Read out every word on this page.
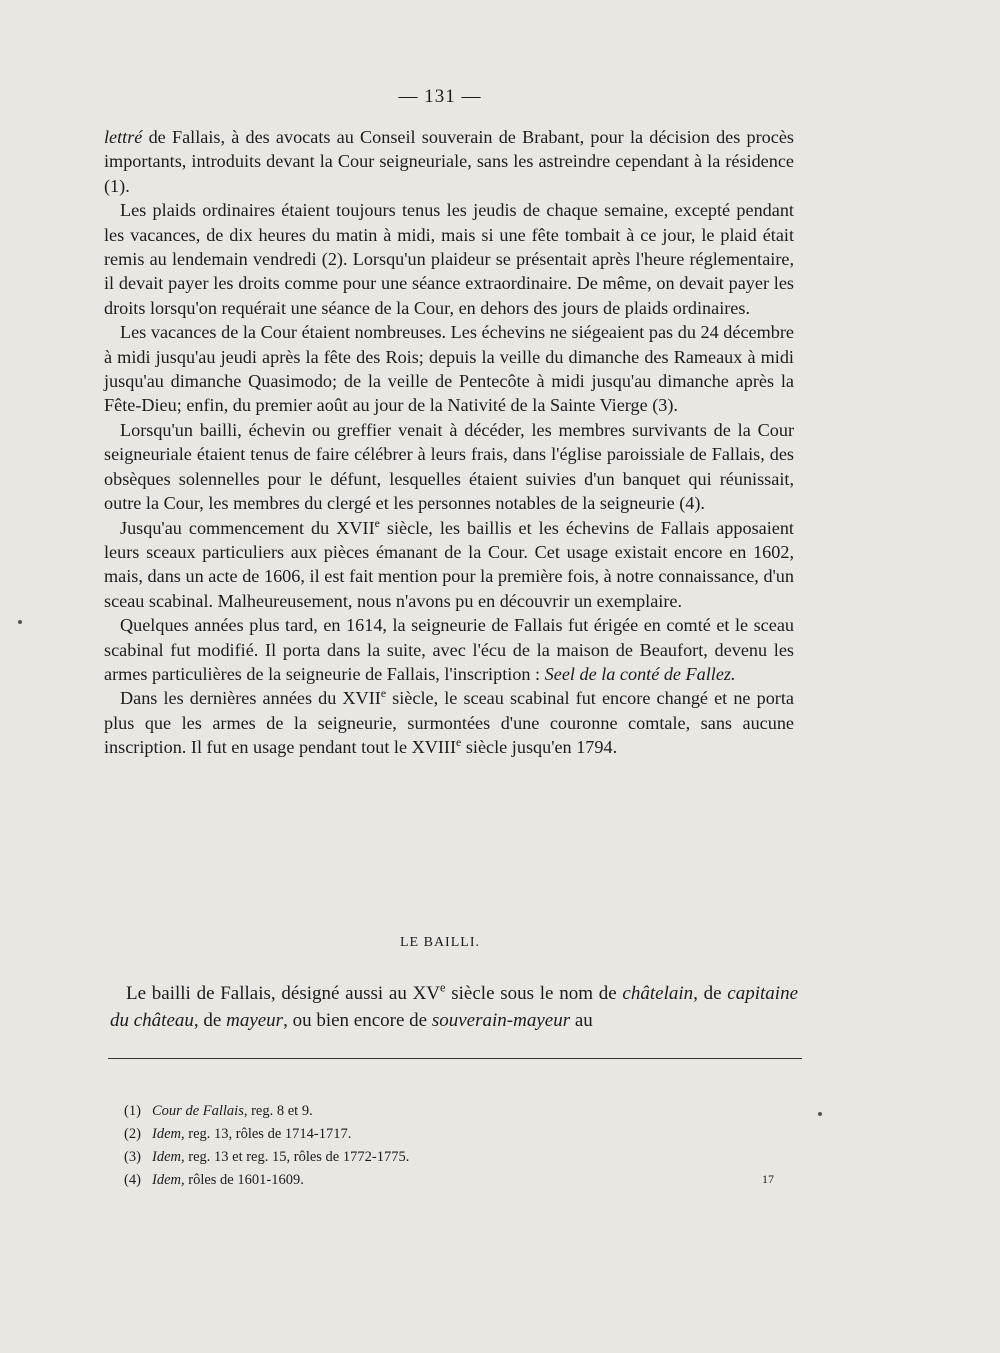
— 131 —

lettré de Fallais, à des avocats au Conseil souverain de Brabant, pour la décision des procès importants, introduits devant la Cour seigneuriale, sans les astreindre cependant à la résidence (1).

Les plaids ordinaires étaient toujours tenus les jeudis de chaque semaine, excepté pendant les vacances, de dix heures du matin à midi, mais si une fête tombait à ce jour, le plaid était remis au lendemain vendredi (2). Lorsqu'un plaideur se présentait après l'heure réglementaire, il devait payer les droits comme pour une séance extraordinaire. De même, on devait payer les droits lorsqu'on requérait une séance de la Cour, en dehors des jours de plaids ordinaires.

Les vacances de la Cour étaient nombreuses. Les échevins ne siégeaient pas du 24 décembre à midi jusqu'au jeudi après la fête des Rois; depuis la veille du dimanche des Rameaux à midi jusqu'au dimanche Quasimodo; de la veille de Pentecôte à midi jusqu'au dimanche après la Fête-Dieu; enfin, du premier août au jour de la Nativité de la Sainte Vierge (3).

Lorsqu'un bailli, échevin ou greffier venait à décéder, les membres survivants de la Cour seigneuriale étaient tenus de faire célébrer à leurs frais, dans l'église paroissiale de Fallais, des obsèques solennelles pour le défunt, lesquelles étaient suivies d'un banquet qui réunissait, outre la Cour, les membres du clergé et les personnes notables de la seigneurie (4).

Jusqu'au commencement du XVIIe siècle, les baillis et les échevins de Fallais apposaient leurs sceaux particuliers aux pièces émanant de la Cour. Cet usage existait encore en 1602, mais, dans un acte de 1606, il est fait mention pour la première fois, à notre connaissance, d'un sceau scabinal. Malheureusement, nous n'avons pu en découvrir un exemplaire.

Quelques années plus tard, en 1614, la seigneurie de Fallais fut érigée en comté et le sceau scabinal fut modifié. Il porta dans la suite, avec l'écu de la maison de Beaufort, devenu les armes particulières de la seigneurie de Fallais, l'inscription : Seel de la conté de Fallez.

Dans les dernières années du XVIIe siècle, le sceau scabinal fut encore changé et ne porta plus que les armes de la seigneurie, surmontées d'une couronne comtale, sans aucune inscription. Il fut en usage pendant tout le XVIIIe siècle jusqu'en 1794.

LE BAILLI.

Le bailli de Fallais, désigné aussi au XVe siècle sous le nom de châtelain, de capitaine du château, de mayeur, ou bien encore de souverain-mayeur au

(1) Cour de Fallais, reg. 8 et 9.
(2) Idem, reg. 13, rôles de 1714-1717.
(3) Idem, reg. 13 et reg. 15, rôles de 1772-1775.
(4) Idem, rôles de 1601-1609.	17
